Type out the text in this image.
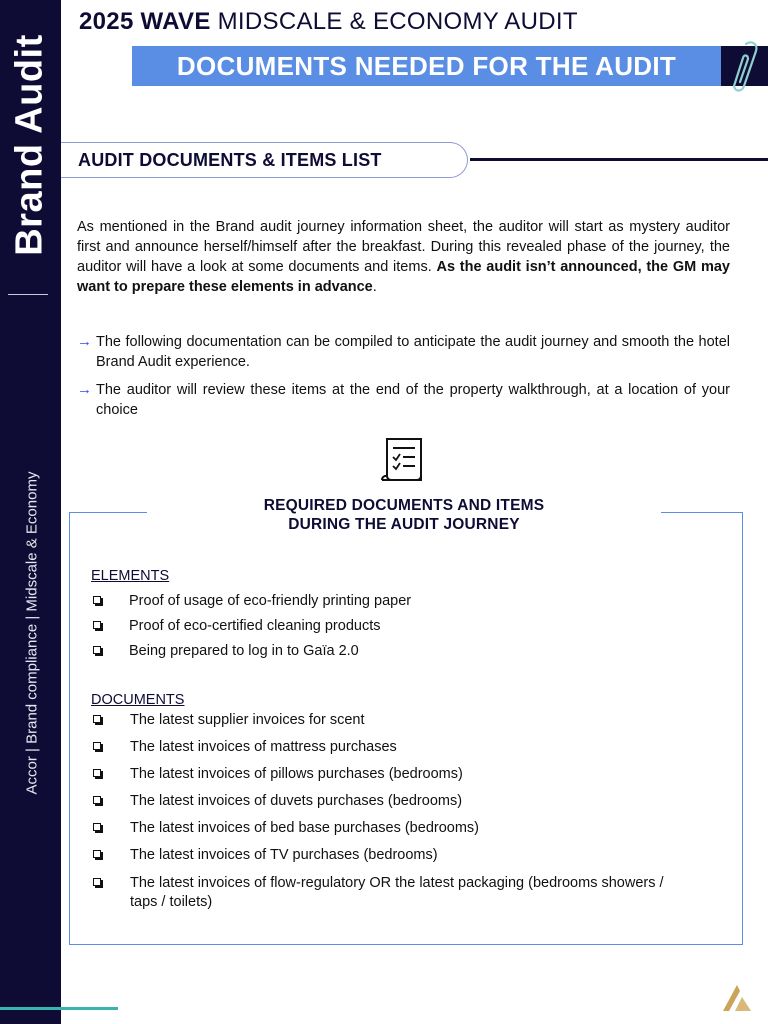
Brand Audit
Accor | Brand compliance | Midscale & Economy
2025 WAVE MIDSCALE & ECONOMY AUDIT
DOCUMENTS NEEDED FOR THE AUDIT
AUDIT DOCUMENTS & ITEMS LIST
As mentioned in the Brand audit journey information sheet, the auditor will start as mystery auditor first and announce herself/himself after the breakfast. During this revealed phase of the journey, the auditor will have a look at some documents and items. As the audit isn’t announced, the GM may want to prepare these elements in advance.
→ The following documentation can be compiled to anticipate the audit journey and smooth the hotel Brand Audit experience.
→ The auditor will review these items at the end of the property walkthrough, at a location of your choice
REQUIRED DOCUMENTS AND ITEMS
DURING THE AUDIT JOURNEY
ELEMENTS
Proof of usage of eco-friendly printing paper
Proof of eco-certified cleaning products
Being prepared to log in to Gaïa 2.0
DOCUMENTS
The latest supplier invoices for scent
The latest invoices of mattress purchases
The latest invoices of pillows purchases (bedrooms)
The latest invoices of duvets purchases (bedrooms)
The latest invoices of bed base purchases (bedrooms)
The latest invoices of TV purchases (bedrooms)
The latest invoices of flow-regulatory OR the latest packaging (bedrooms showers / taps / toilets)
